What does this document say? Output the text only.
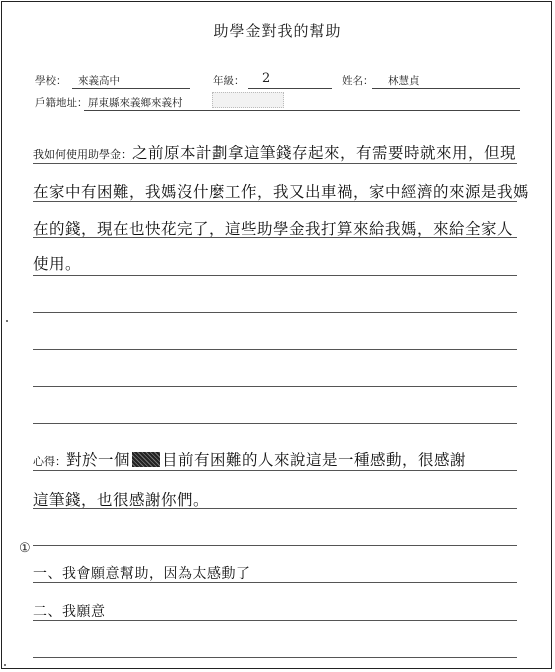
助學金對我的幫助
學校： 來義高中	年級： 2	姓名： 林慧貞
戶籍地址： 屏東縣來義鄉來義村
我如何使用助學金：之前原本計劃拿這筆錢存起來，有需要時就來用，但現
在家中有困難，我媽沒什麼工作，我又出車禍，家中經濟的來源是我媽
在的錢，現在也快花完了，這些助學金我打算來給我媽，來給全家人
使用。
心得：對於一個 目前有困難的人來說這是一種感動，很感謝
這筆錢，也很感謝你們。
①
一、我會願意幫助，因為太感動了
二、我願意
